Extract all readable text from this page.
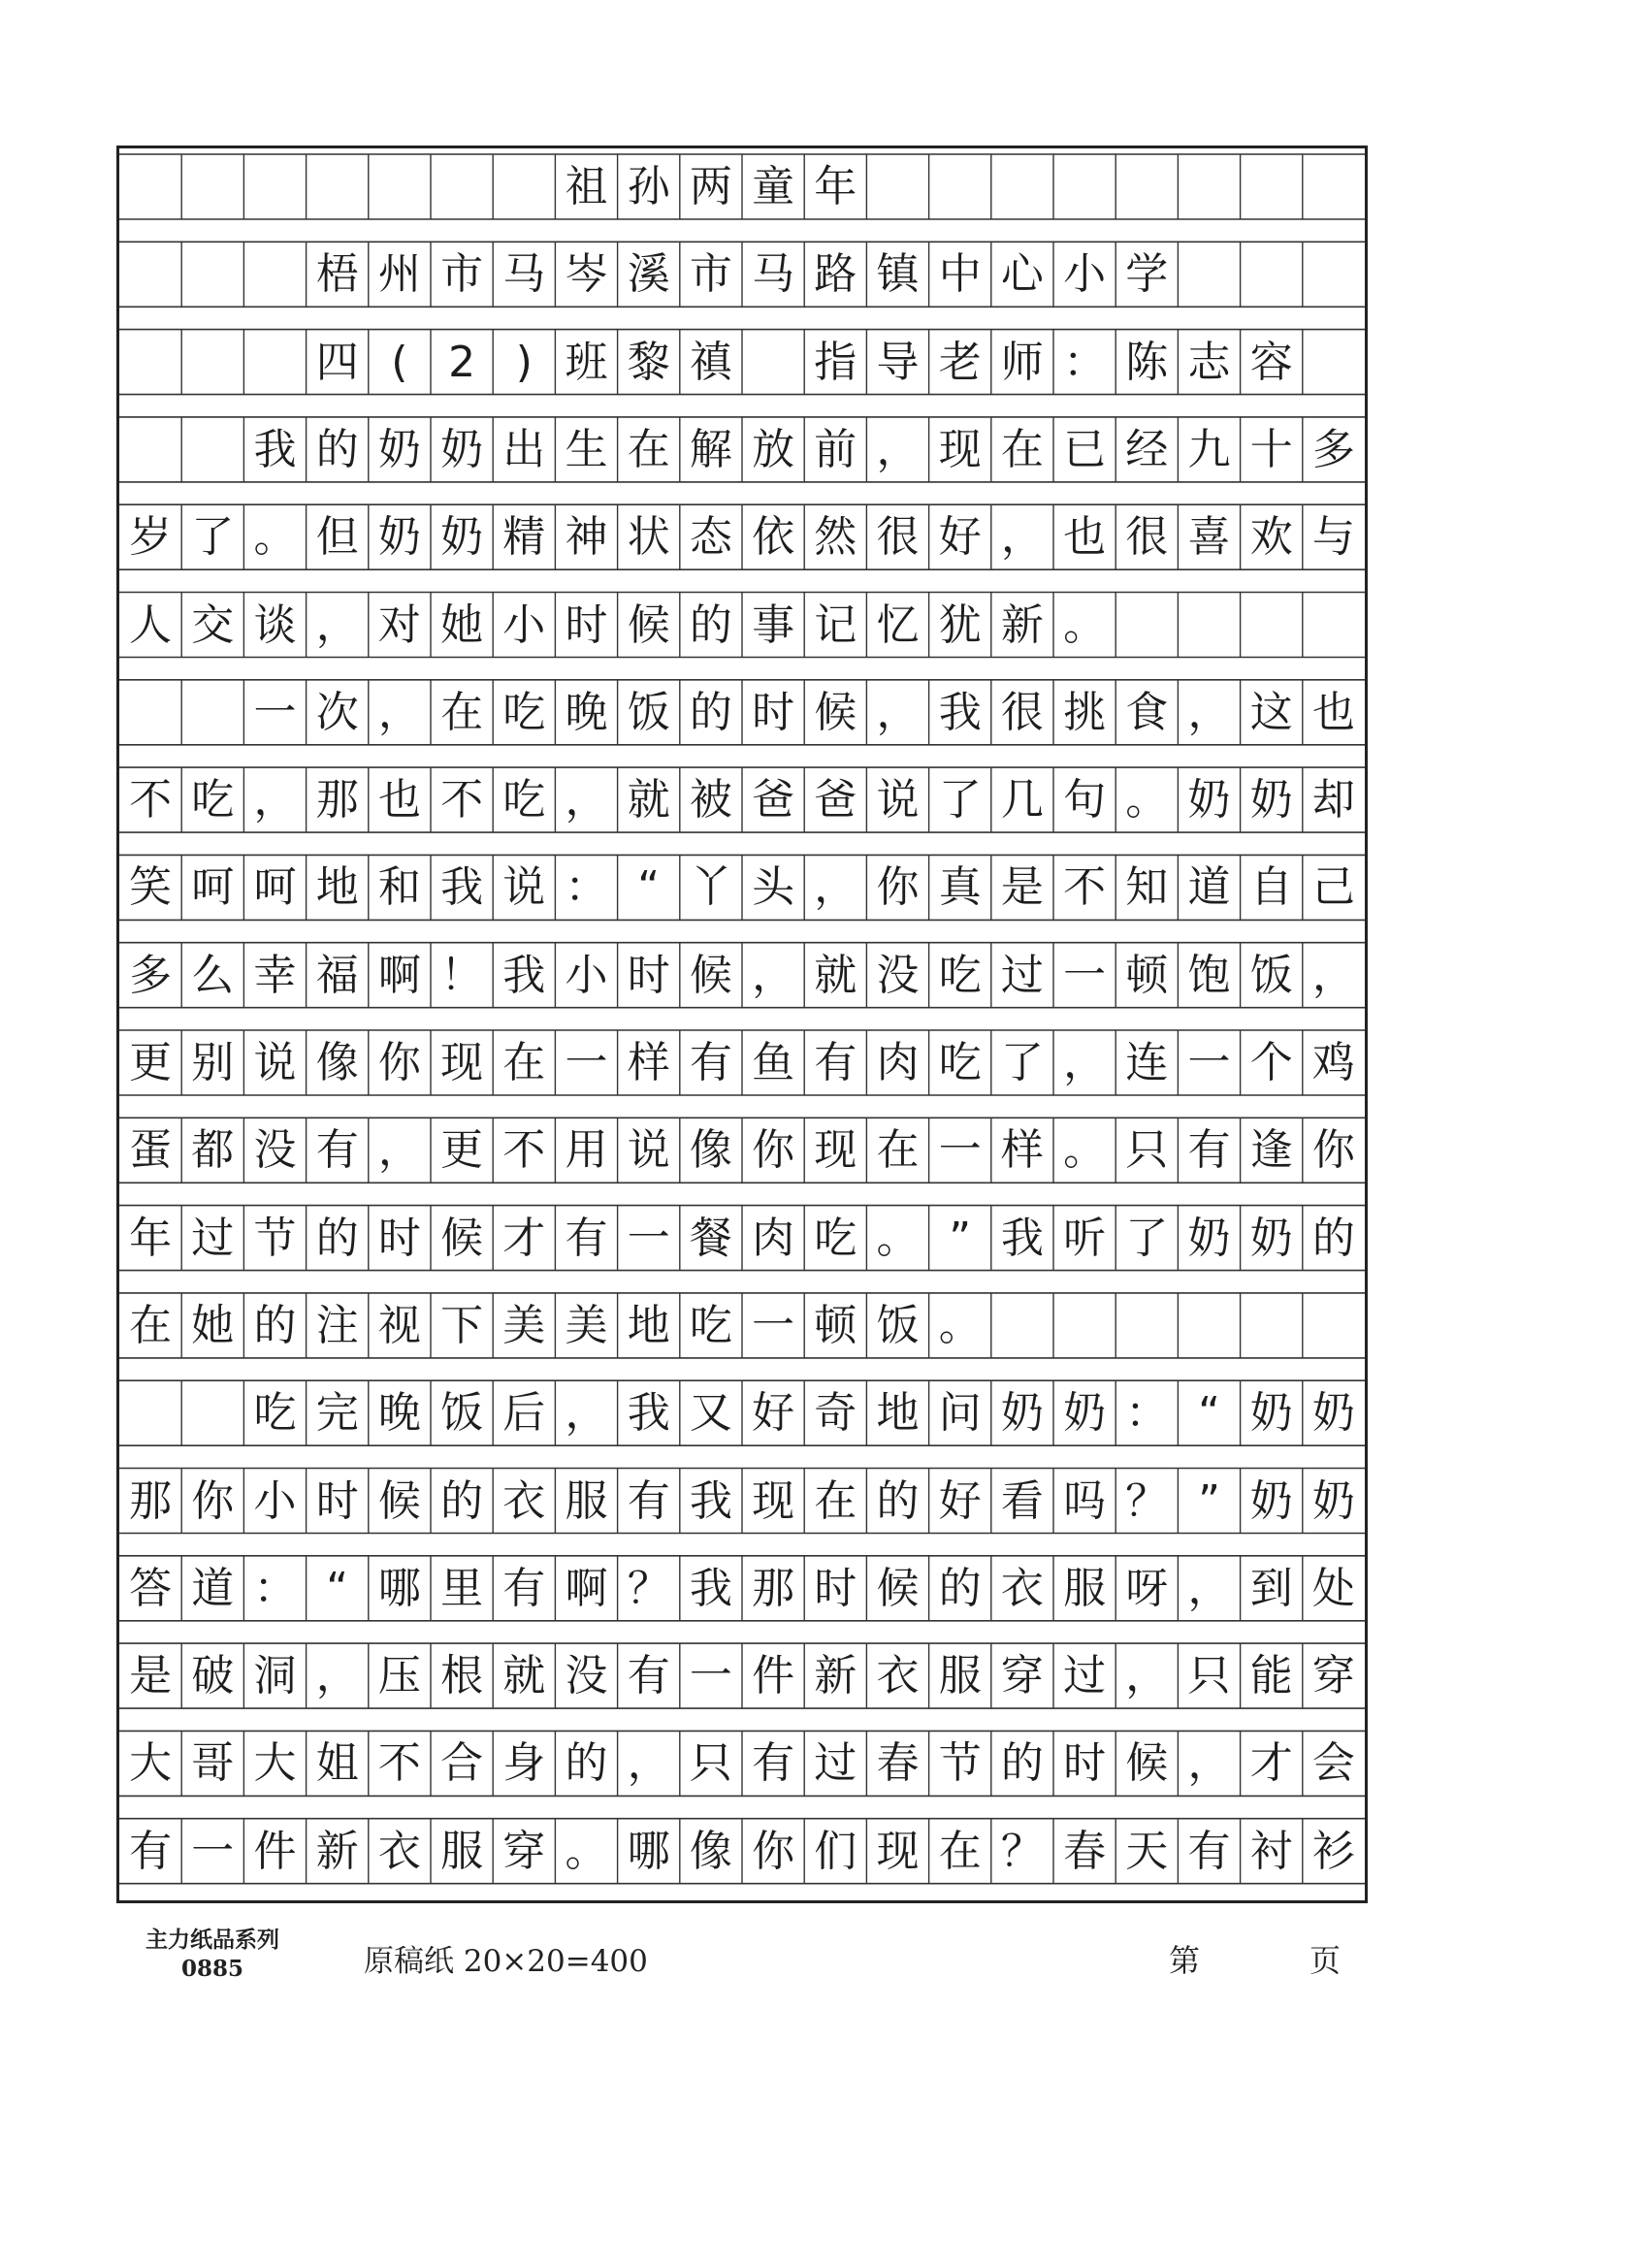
祖 孙 两 童 年
梧 州 市 马 岑 溪 市 马 路 镇 中 心 小 学
四 ( 2 ) 班 黎 禛 指 导 老 师 ： 陈 志 容
我 的 奶 奶 出 生 在 解 放 前 ， 现 在 已 经 九 十 多
岁 了 。 但 奶 奶 精 神 状 态 依 然 很 好 ， 也 很 喜 欢 与
人 交 谈 ， 对 她 小 时 候 的 事 记 忆 犹 新 。
一 次 ， 在 吃 晚 饭 的 时 候 ， 我 很 挑 食 ， 这 也
不 吃 ， 那 也 不 吃 ， 就 被 爸 爸 说 了 几 句 。 奶 奶 却
笑 呵 呵 地 和 我 说 ： “ 丫 头 ， 你 真 是 不 知 道 自 己
多 么 幸 福 啊 ！ 我 小 时 候 ， 就 没 吃 过 一 顿 饱 饭 ，
更 别 说 像 你 现 在 一 样 有 鱼 有 肉 吃 了 ， 连 一 个 鸡
蛋 都 没 有 ， 更 不 用 说 像 你 现 在 一 样 。 只 有 逢 你
年 过 节 的 时 候 才 有 一 餐 肉 吃 。 ” 我 听 了 奶 奶 的
在 她 的 注 视 下 美 美 地 吃 一 顿 饭 。
吃 完 晚 饭 后 ， 我 又 好 奇 地 问 奶 奶 ： “ 奶 奶
那 你 小 时 候 的 衣 服 有 我 现 在 的 好 看 吗 ？ ” 奶 奶
答 道 ： “ 哪 里 有 啊 ？ 我 那 时 候 的 衣 服 呀 ， 到 处
是 破 洞 ， 压 根 就 没 有 一 件 新 衣 服 穿 过 ， 只 能 穿
大 哥 大 姐 不 合 身 的 ， 只 有 过 春 节 的 时 候 ， 才 会
有 一 件 新 衣 服 穿 。 哪 像 你 们 现 在 ？ 春 天 有 衬 衫
主力纸品系列
0885	原稿纸 20×20=400	第	页
